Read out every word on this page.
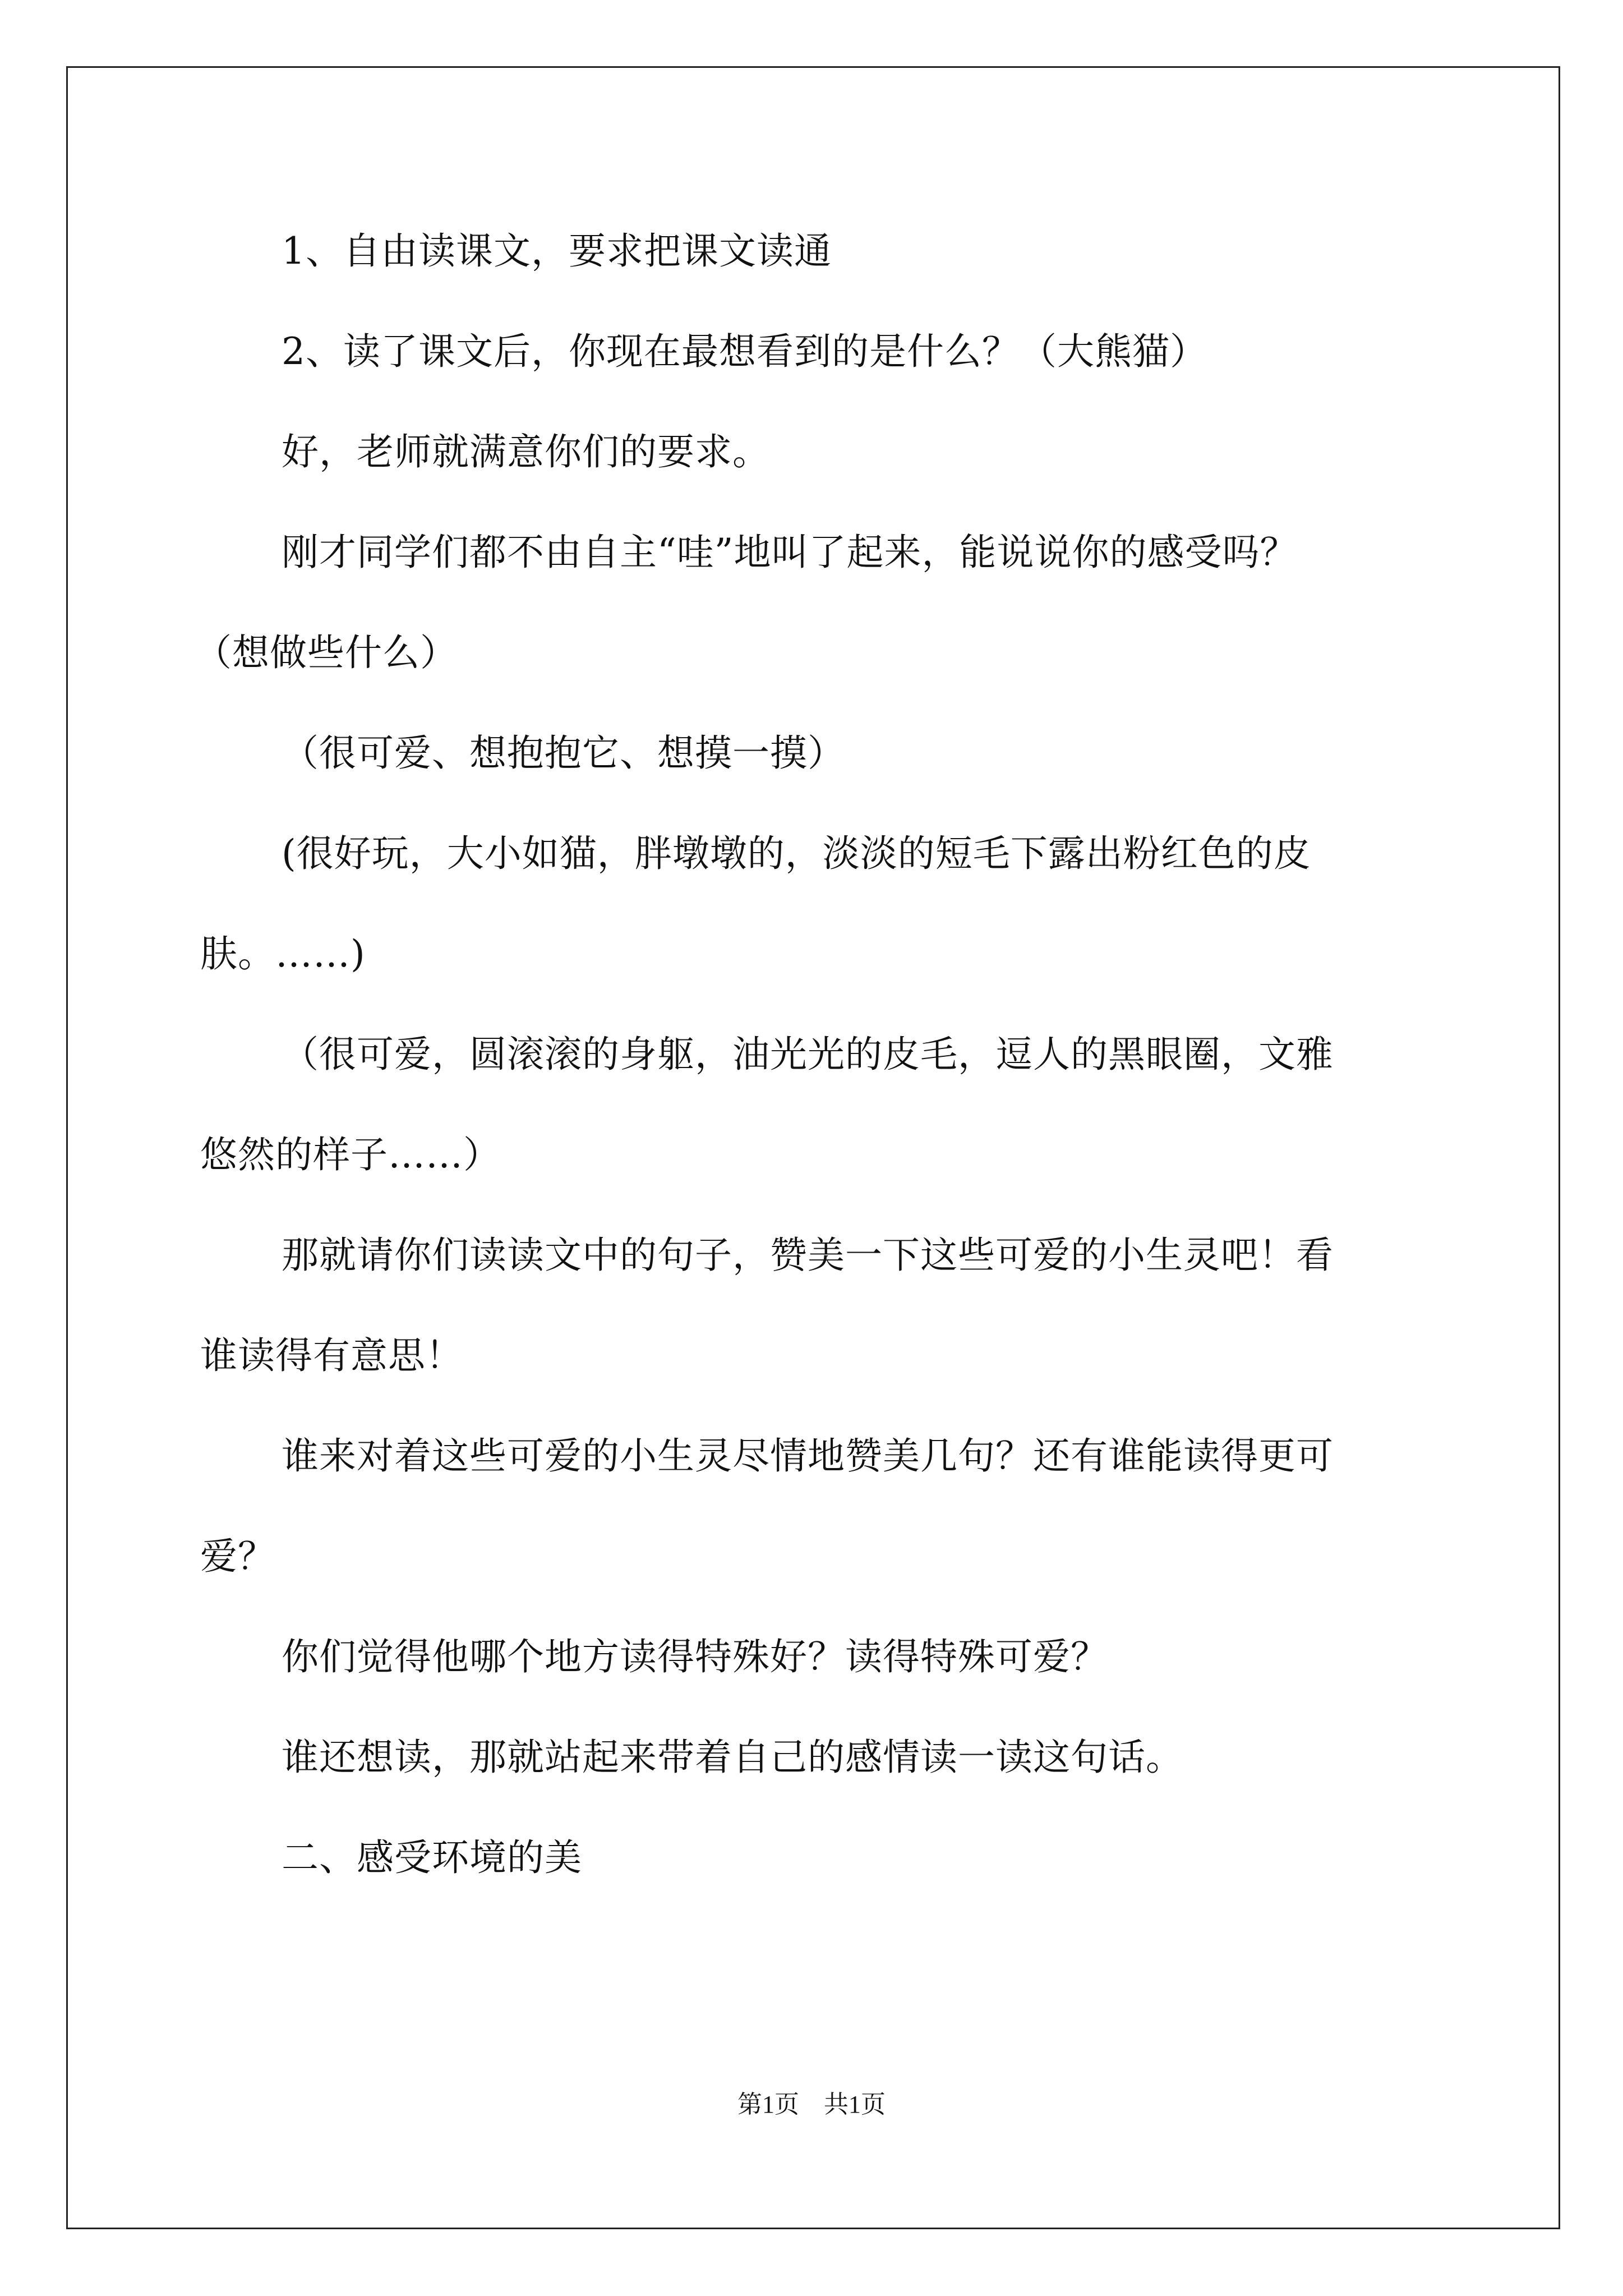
1、自由读课文，要求把课文读通
2、读了课文后，你现在最想看到的是什么？（大熊猫）
好，老师就满意你们的要求。
刚才同学们都不由自主“哇”地叫了起来，能说说你的感受吗？
（想做些什么）
（很可爱、想抱抱它、想摸一摸）
(很好玩，大小如猫，胖墩墩的，淡淡的短毛下露出粉红色的皮
肤。……)
（很可爱，圆滚滚的身躯，油光光的皮毛，逗人的黑眼圈，文雅
悠然的样子……）
那就请你们读读文中的句子，赞美一下这些可爱的小生灵吧！看
谁读得有意思！
谁来对着这些可爱的小生灵尽情地赞美几句？还有谁能读得更可
爱？
你们觉得他哪个地方读得特殊好？读得特殊可爱？
谁还想读，那就站起来带着自己的感情读一读这句话。
二、感受环境的美
第1页　共1页
